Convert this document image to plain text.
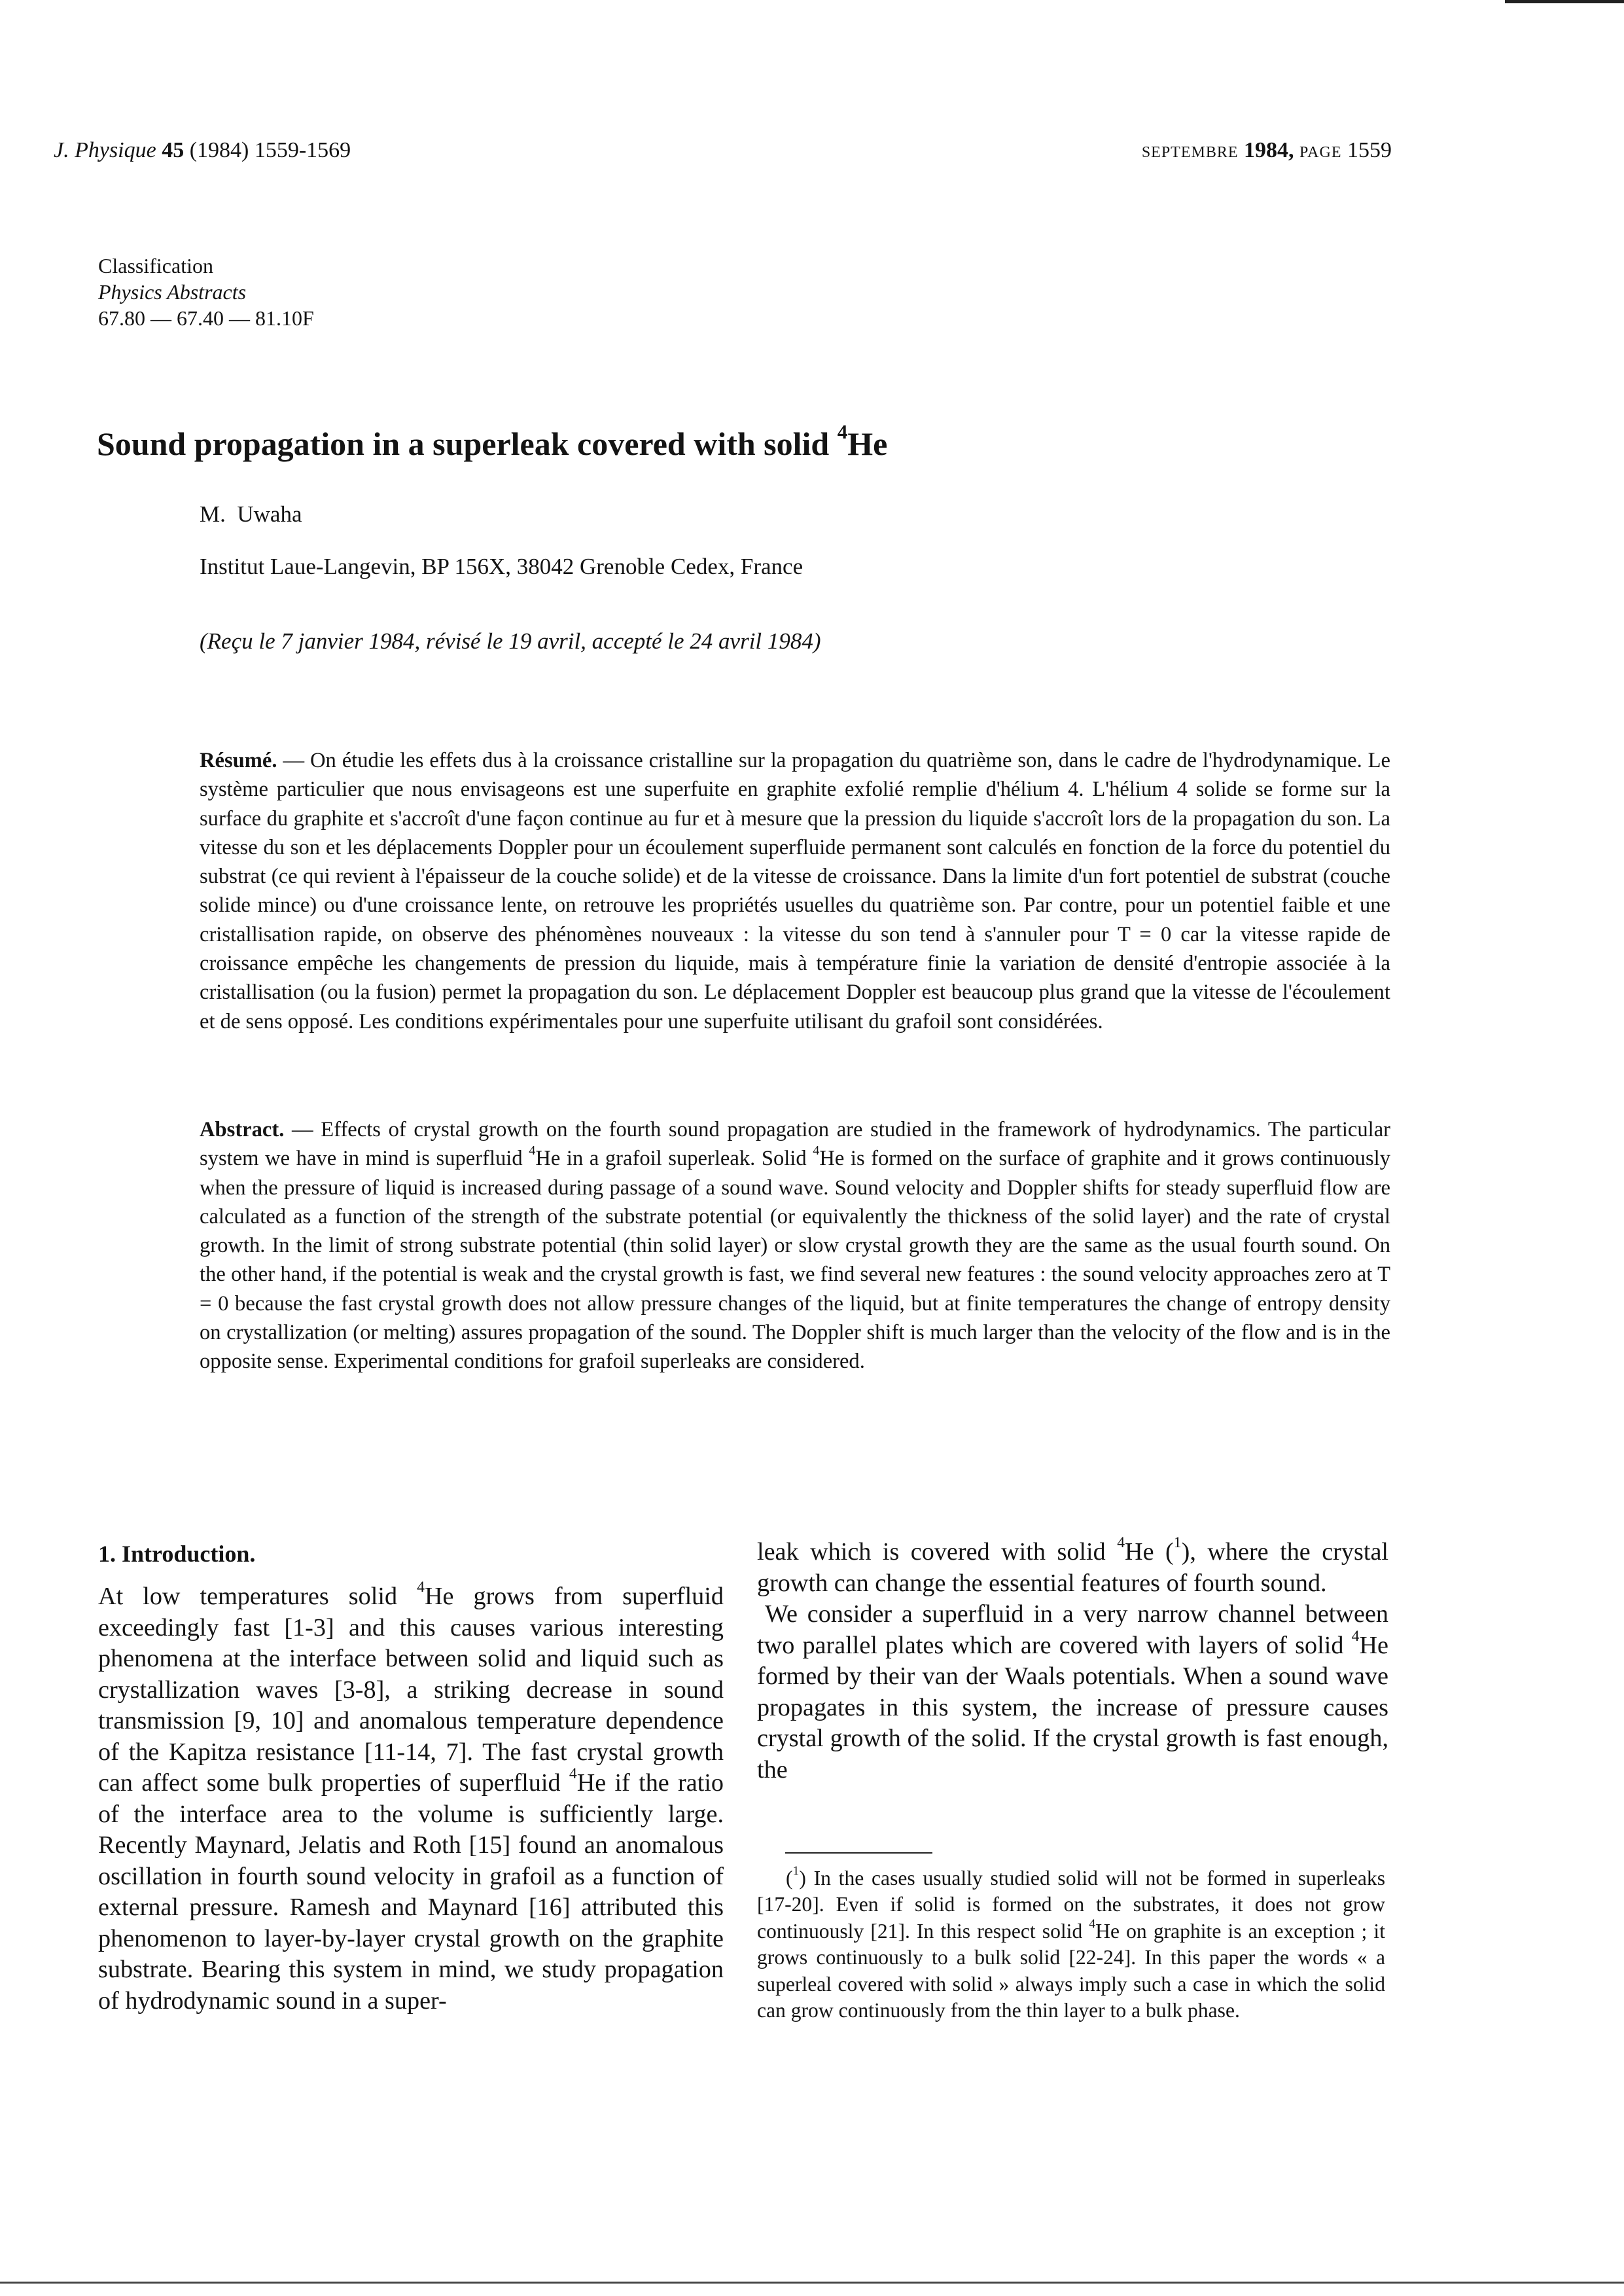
J. Physique 45 (1984) 1559-1569	septembre 1984, page 1559
Classification
Physics Abstracts
67.80 — 67.40 — 81.10F
Sound propagation in a superleak covered with solid $^4$He
M.  Uwaha
Institut Laue-Langevin, BP 156X, 38042 Grenoble Cedex, France
(Reçu le 7 janvier 1984, révisé le 19 avril, accepté le 24 avril 1984)

Résumé. — On étudie les effets dus à la croissance cristalline sur la propagation du quatrième son, dans le cadre de l'hydrodynamique. Le système particulier que nous envisageons est une superfuite en graphite exfolié remplie d'hélium 4. L'hélium 4 solide se forme sur la surface du graphite et s'accroît d'une façon continue au fur et à mesure que la pression du liquide s'accroît lors de la propagation du son. La vitesse du son et les déplacements Doppler pour un écoulement superfluide permanent sont calculés en fonction de la force du potentiel du substrat (ce qui revient à l'épaisseur de la couche solide) et de la vitesse de croissance. Dans la limite d'un fort potentiel de substrat (couche solide mince) ou d'une croissance lente, on retrouve les propriétés usuelles du quatrième son. Par contre, pour un potentiel faible et une cristallisation rapide, on observe des phénomènes nouveaux : la vitesse du son tend à s'annuler pour T = 0 car la vitesse rapide de croissance empêche les changements de pression du liquide, mais à température finie la variation de densité d'entropie associée à la cristallisation (ou la fusion) permet la propagation du son. Le déplacement Doppler est beaucoup plus grand que la vitesse de l'écoulement et de sens opposé. Les conditions expérimentales pour une superfuite utilisant du grafoil sont considérées.

Abstract. — Effects of crystal growth on the fourth sound propagation are studied in the framework of hydrodynamics. The particular system we have in mind is superfluid $^4$He in a grafoil superleak. Solid $^4$He is formed on the surface of graphite and it grows continuously when the pressure of liquid is increased during passage of a sound wave. Sound velocity and Doppler shifts for steady superfluid flow are calculated as a function of the strength of the substrate potential (or equivalently the thickness of the solid layer) and the rate of crystal growth. In the limit of strong substrate potential (thin solid layer) or slow crystal growth they are the same as the usual fourth sound. On the other hand, if the potential is weak and the crystal growth is fast, we find several new features : the sound velocity approaches zero at T = 0 because the fast crystal growth does not allow pressure changes of the liquid, but at finite temperatures the change of entropy density on crystallization (or melting) assures propagation of the sound. The Doppler shift is much larger than the velocity of the flow and is in the opposite sense. Experimental conditions for grafoil superleaks are considered.

1. Introduction.

At low temperatures solid $^4$He grows from superfluid exceedingly fast [1-3] and this causes various interesting phenomena at the interface between solid and liquid such as crystallization waves [3-8], a striking decrease in sound transmission [9, 10] and anomalous temperature dependence of the Kapitza resistance [11-14, 7]. The fast crystal growth can affect some bulk properties of superfluid $^4$He if the ratio of the interface area to the volume is sufficiently large. Recently Maynard, Jelatis and Roth [15] found an anomalous oscillation in fourth sound velocity in grafoil as a function of external pressure. Ramesh and Maynard [16] attributed this phenomenon to layer-by-layer crystal growth on the graphite substrate. Bearing this system in mind, we study propagation of hydrodynamic sound in a super-

leak which is covered with solid $^4$He ($^1$), where the crystal growth can change the essential features of fourth sound.

We consider a superfluid in a very narrow channel between two parallel plates which are covered with layers of solid $^4$He formed by their van der Waals potentials. When a sound wave propagates in this system, the increase of pressure causes crystal growth of the solid. If the crystal growth is fast enough, the

($^1$) In the cases usually studied solid will not be formed in superleaks [17-20]. Even if solid is formed on the substrates, it does not grow continuously [21]. In this respect solid $^4$He on graphite is an exception ; it grows continuously to a bulk solid [22-24]. In this paper the words « a superleal covered with solid » always imply such a case in which the solid can grow continuously from the thin layer to a bulk phase.
